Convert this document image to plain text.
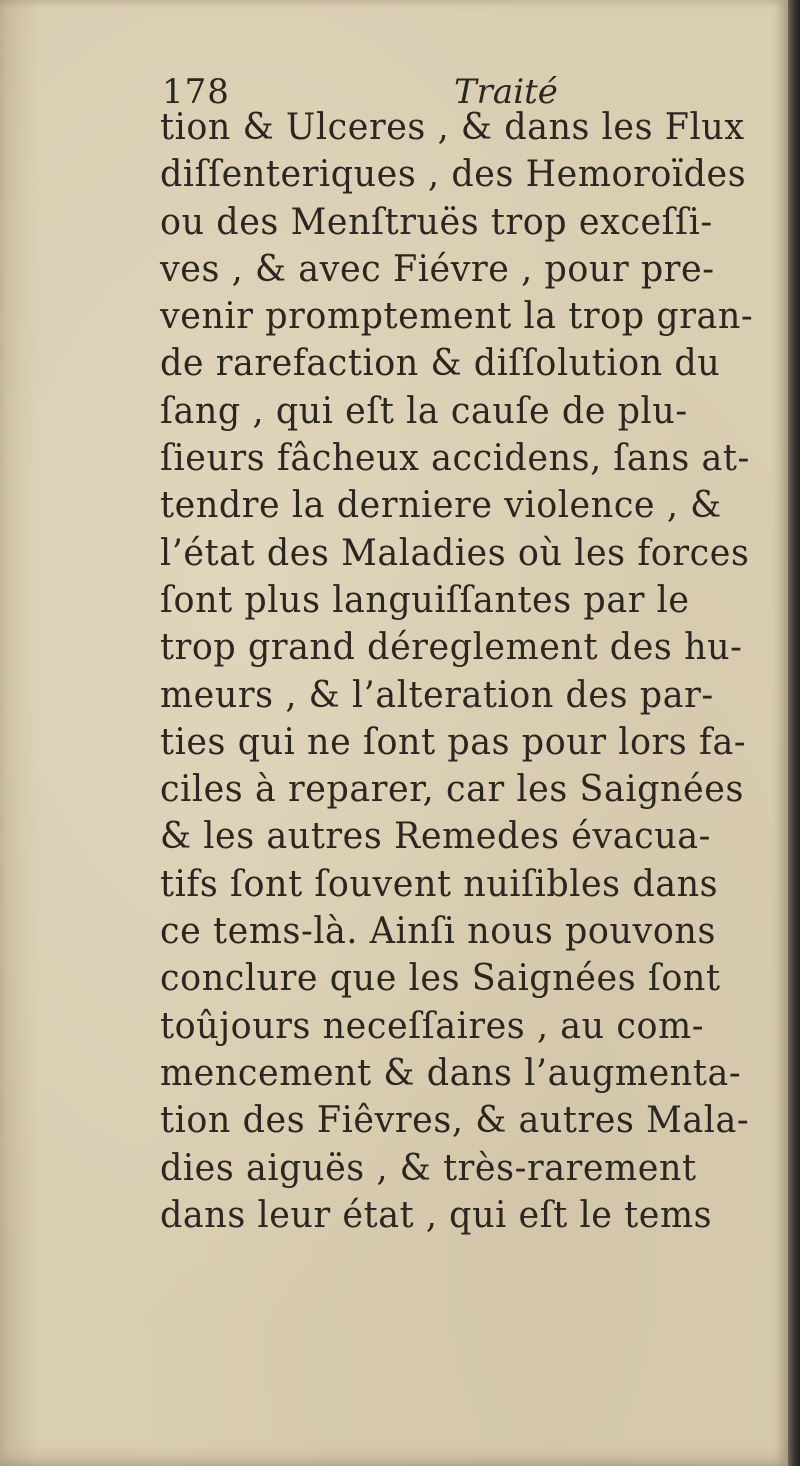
178	Traité
tion & Ulceres , & dans les Flux
diſſenteriques , des Hemoroïdes
ou des Menſtruës trop exceſſi-
ves , & avec Fiévre , pour pre-
venir promptement la trop gran-
de rarefaction & diſſolution du
ſang , qui eſt la cauſe de plu-
ſieurs fâcheux accidens, ſans at-
tendre la derniere violence , &
l’état des Maladies où les forces
ſont plus languiſſantes par le
trop grand déreglement des hu-
meurs , & l’alteration des par-
ties qui ne ſont pas pour lors fa-
ciles à reparer, car les Saignées
& les autres Remedes évacua-
tifs ſont ſouvent nuiſibles dans
ce tems-là. Ainſi nous pouvons
conclure que les Saignées ſont
toûjours neceſſaires , au com-
mencement & dans l’augmenta-
tion des Fiêvres, & autres Mala-
dies aiguës , & très-rarement
dans leur état , qui eſt le tems
